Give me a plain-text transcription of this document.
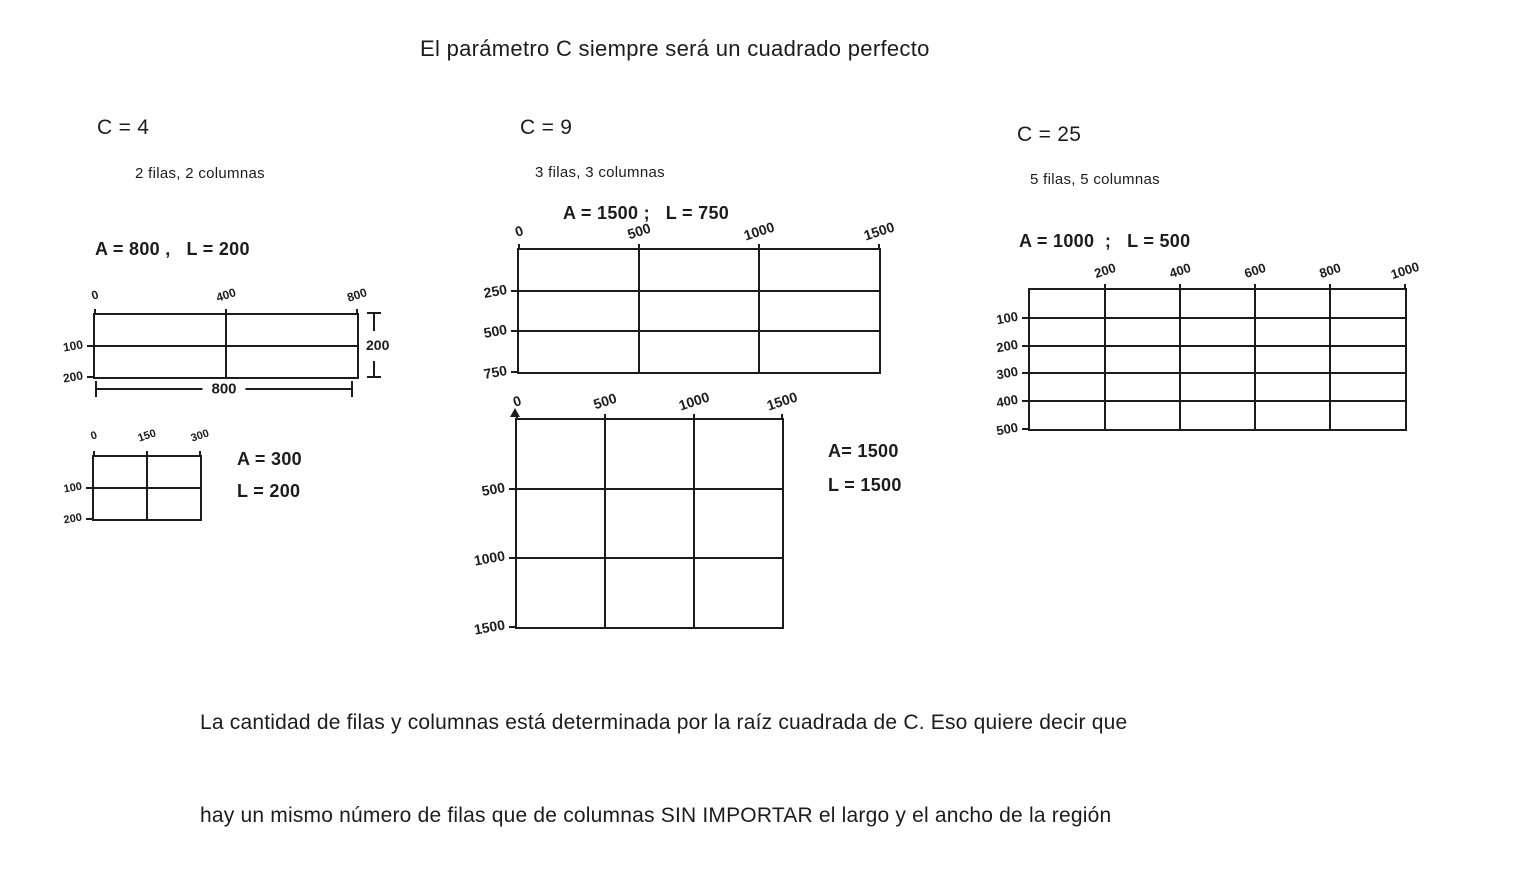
El parámetro C siempre será un cuadrado perfecto
C = 4
2 filas, 2 columnas
A = 800 ,   L = 200
0	400	800
100
200
200
800
0	150	300
100
200
A = 300
L = 200
C = 9
3 filas, 3 columnas
A = 1500 ;   L = 750
0	500	1000	1500
250
500
750
0	500	1000	1500
500
1000
1500
A= 1500
L = 1500
C = 25
5 filas, 5 columnas
A = 1000  ;   L = 500
200	400	600	800	1000
100
200
300
400
500

La cantidad de filas y columnas está determinada por la raíz cuadrada de C. Eso quiere decir que

hay un mismo número de filas que de columnas SIN IMPORTAR el largo y el ancho de la región
